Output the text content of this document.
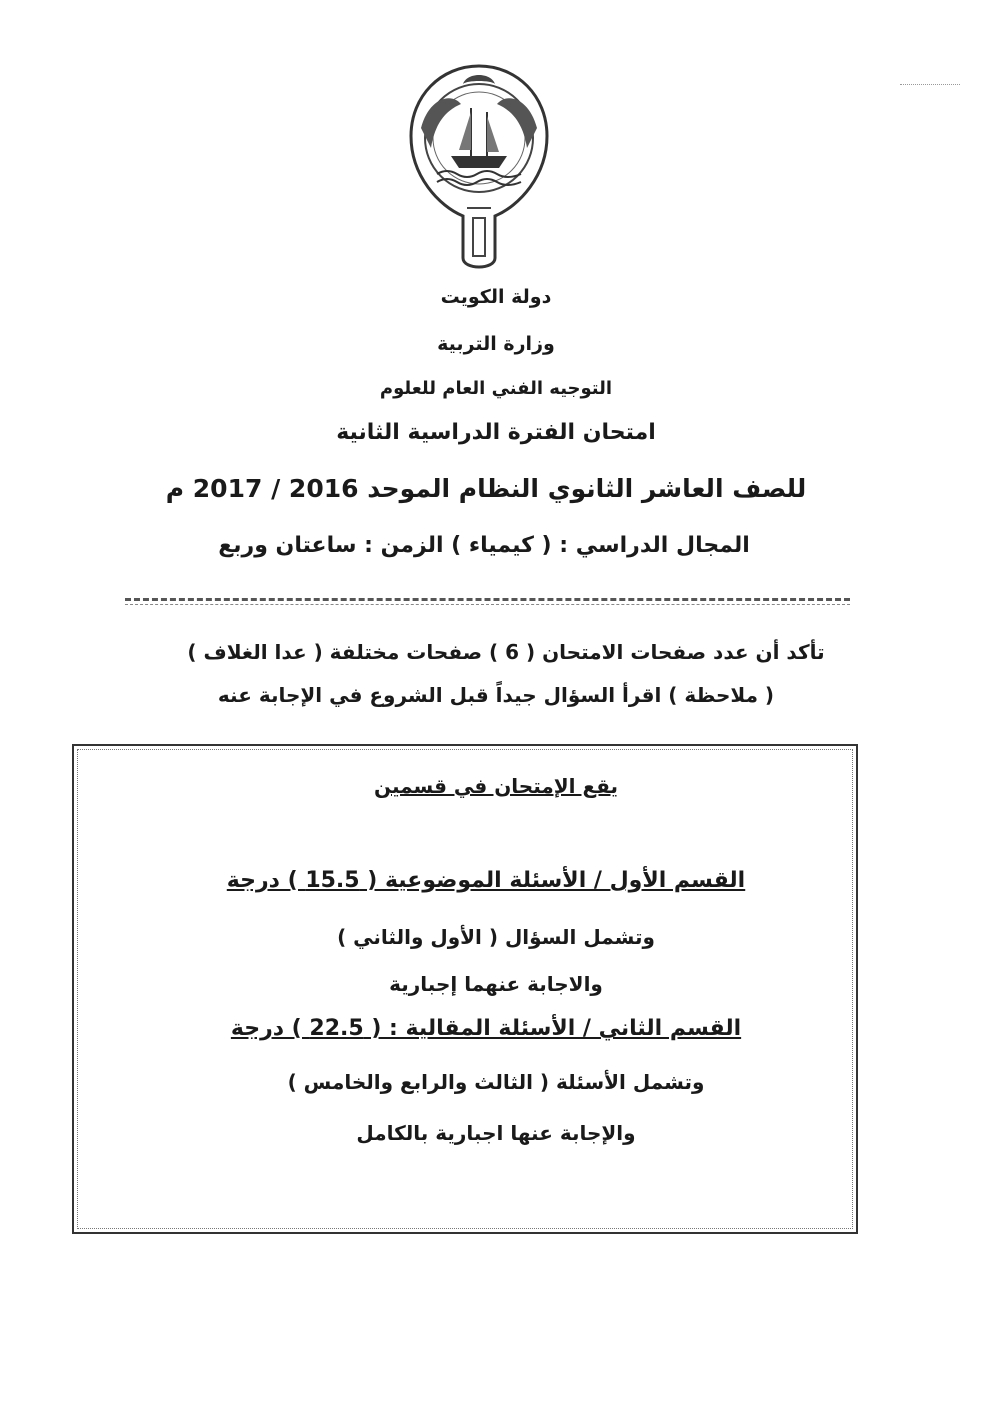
دولة الكويت
وزارة التربية
التوجيه الفني العام للعلوم
امتحان الفترة الدراسية الثانية
للصف العاشر الثانوي النظام الموحد 2016 / 2017 م
المجال الدراسي : ( كيمياء ) الزمن : ساعتان وربع
تأكد أن عدد صفحات الامتحان ( 6 ) صفحات مختلفة ( عدا الغلاف )
( ملاحظة ) اقرأ السؤال جيداً قبل الشروع في الإجابة عنه
يقع الإمتحان في قسمين
القسم الأول / الأسئلة الموضوعية ( 15.5 ) درجة
وتشمل السؤال ( الأول والثاني )
والاجابة عنهما إجبارية
القسم الثاني / الأسئلة المقالية : ( 22.5 ) درجة
وتشمل الأسئلة ( الثالث والرابع والخامس )
والإجابة عنها اجبارية بالكامل
